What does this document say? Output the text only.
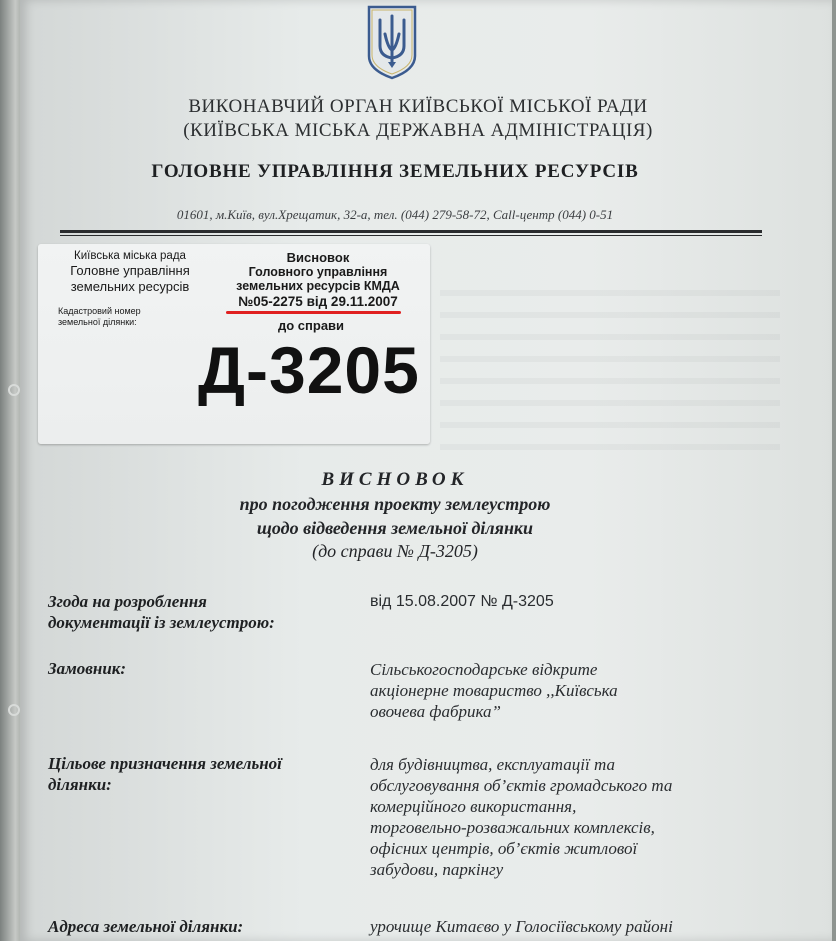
ВИКОНАВЧИЙ ОРГАН КИЇВСЬКОЇ МІСЬКОЇ РАДИ
(КИЇВСЬКА МІСЬКА ДЕРЖАВНА АДМІНІСТРАЦІЯ)
ГОЛОВНЕ УПРАВЛІННЯ ЗЕМЕЛЬНИХ РЕСУРСІВ
01601, м.Київ, вул.Хрещатик, 32-а, тел. (044) 279-58-72, Call-центр (044) 0-51
Київська міська рада
Головне управління
земельних ресурсів
Кадастровий номер
земельної ділянки:
Висновок
Головного управління
земельних ресурсів КМДА
№05-2275 від 29.11.2007
до справи
Д-3205
ВИСНОВОК
про погодження проекту землеустрою
щодо відведення земельної ділянки
(до справи № Д-3205)
Згода на розроблення
документації із землеустрою:
від 15.08.2007 № Д-3205
Замовник:	Сільськогосподарське відкрите
акціонерне товариство ,,Київська
овочева фабрика”
Цільове призначення земельної
ділянки:
для будівництва, експлуатації та
обслуговування об’єктів громадського та
комерційного використання,
торговельно-розважальних комплексів,
офісних центрів, об’єктів житлової
забудови, паркінгу
Адреса земельної ділянки:	урочище Китаєво у Голосіївському районі
